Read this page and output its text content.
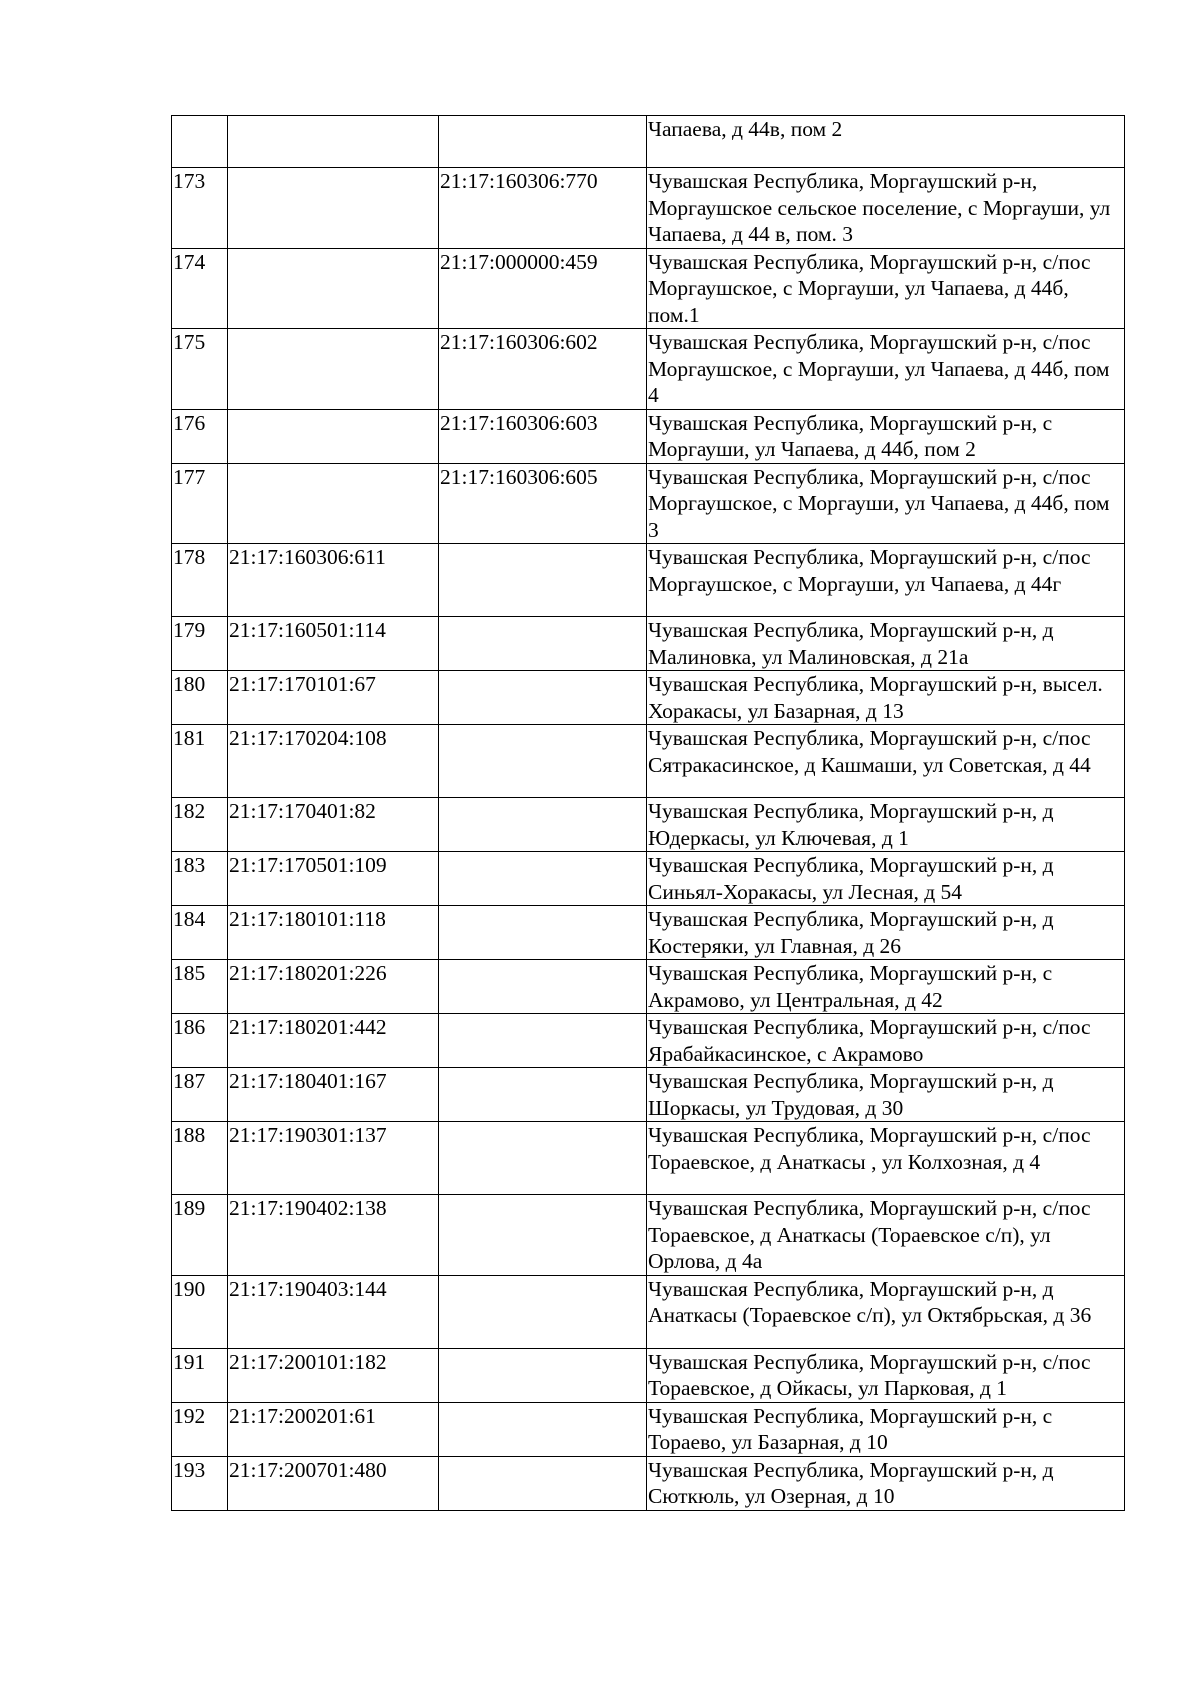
			Чапаева, д 44в, пом 2
173		21:17:160306:770	Чувашская Республика, Моргаушский р-н, Моргаушское сельское поселение, с Моргауши, ул Чапаева, д 44 в, пом. 3
174		21:17:000000:459	Чувашская Республика, Моргаушский р-н, с/пос Моргаушское, с Моргауши, ул Чапаева, д 44б, пом.1
175		21:17:160306:602	Чувашская Республика, Моргаушский р-н, с/пос Моргаушское, с Моргауши, ул Чапаева, д 44б, пом 4
176		21:17:160306:603	Чувашская Республика, Моргаушский р-н, с Моргауши, ул Чапаева, д 44б, пом 2
177		21:17:160306:605	Чувашская Республика, Моргаушский р-н, с/пос Моргаушское, с Моргауши, ул Чапаева, д 44б, пом 3
178	21:17:160306:611		Чувашская Республика, Моргаушский р-н, с/пос Моргаушское, с Моргауши, ул Чапаева, д 44г
179	21:17:160501:114		Чувашская Республика, Моргаушский р-н, д Малиновка, ул Малиновская, д 21а
180	21:17:170101:67		Чувашская Республика, Моргаушский р-н, высел. Хоракасы, ул Базарная, д 13
181	21:17:170204:108		Чувашская Республика, Моргаушский р-н, с/пос Сятракасинское, д Кашмаши, ул Советская, д 44
182	21:17:170401:82		Чувашская Республика, Моргаушский р-н, д Юдеркасы, ул Ключевая, д 1
183	21:17:170501:109		Чувашская Республика, Моргаушский р-н, д Синьял-Хоракасы, ул Лесная, д 54
184	21:17:180101:118		Чувашская Республика, Моргаушский р-н, д Костеряки, ул Главная, д 26
185	21:17:180201:226		Чувашская Республика, Моргаушский р-н, с Акрамово, ул Центральная, д 42
186	21:17:180201:442		Чувашская Республика, Моргаушский р-н, с/пос Ярабайкасинское, с Акрамово
187	21:17:180401:167		Чувашская Республика, Моргаушский р-н, д Шоркасы, ул Трудовая, д 30
188	21:17:190301:137		Чувашская Республика, Моргаушский р-н, с/пос Тораевское, д Анаткасы , ул Колхозная, д 4
189	21:17:190402:138		Чувашская Республика, Моргаушский р-н, с/пос Тораевское, д Анаткасы (Тораевское с/п), ул Орлова, д 4а
190	21:17:190403:144		Чувашская Республика, Моргаушский р-н, д Анаткасы (Тораевское с/п), ул Октябрьская, д 36
191	21:17:200101:182		Чувашская Республика, Моргаушский р-н, с/пос Тораевское, д Ойкасы, ул Парковая, д 1
192	21:17:200201:61		Чувашская Республика, Моргаушский р-н, с Тораево, ул Базарная, д 10
193	21:17:200701:480		Чувашская Республика, Моргаушский р-н, д Сюткюль, ул Озерная, д 10
